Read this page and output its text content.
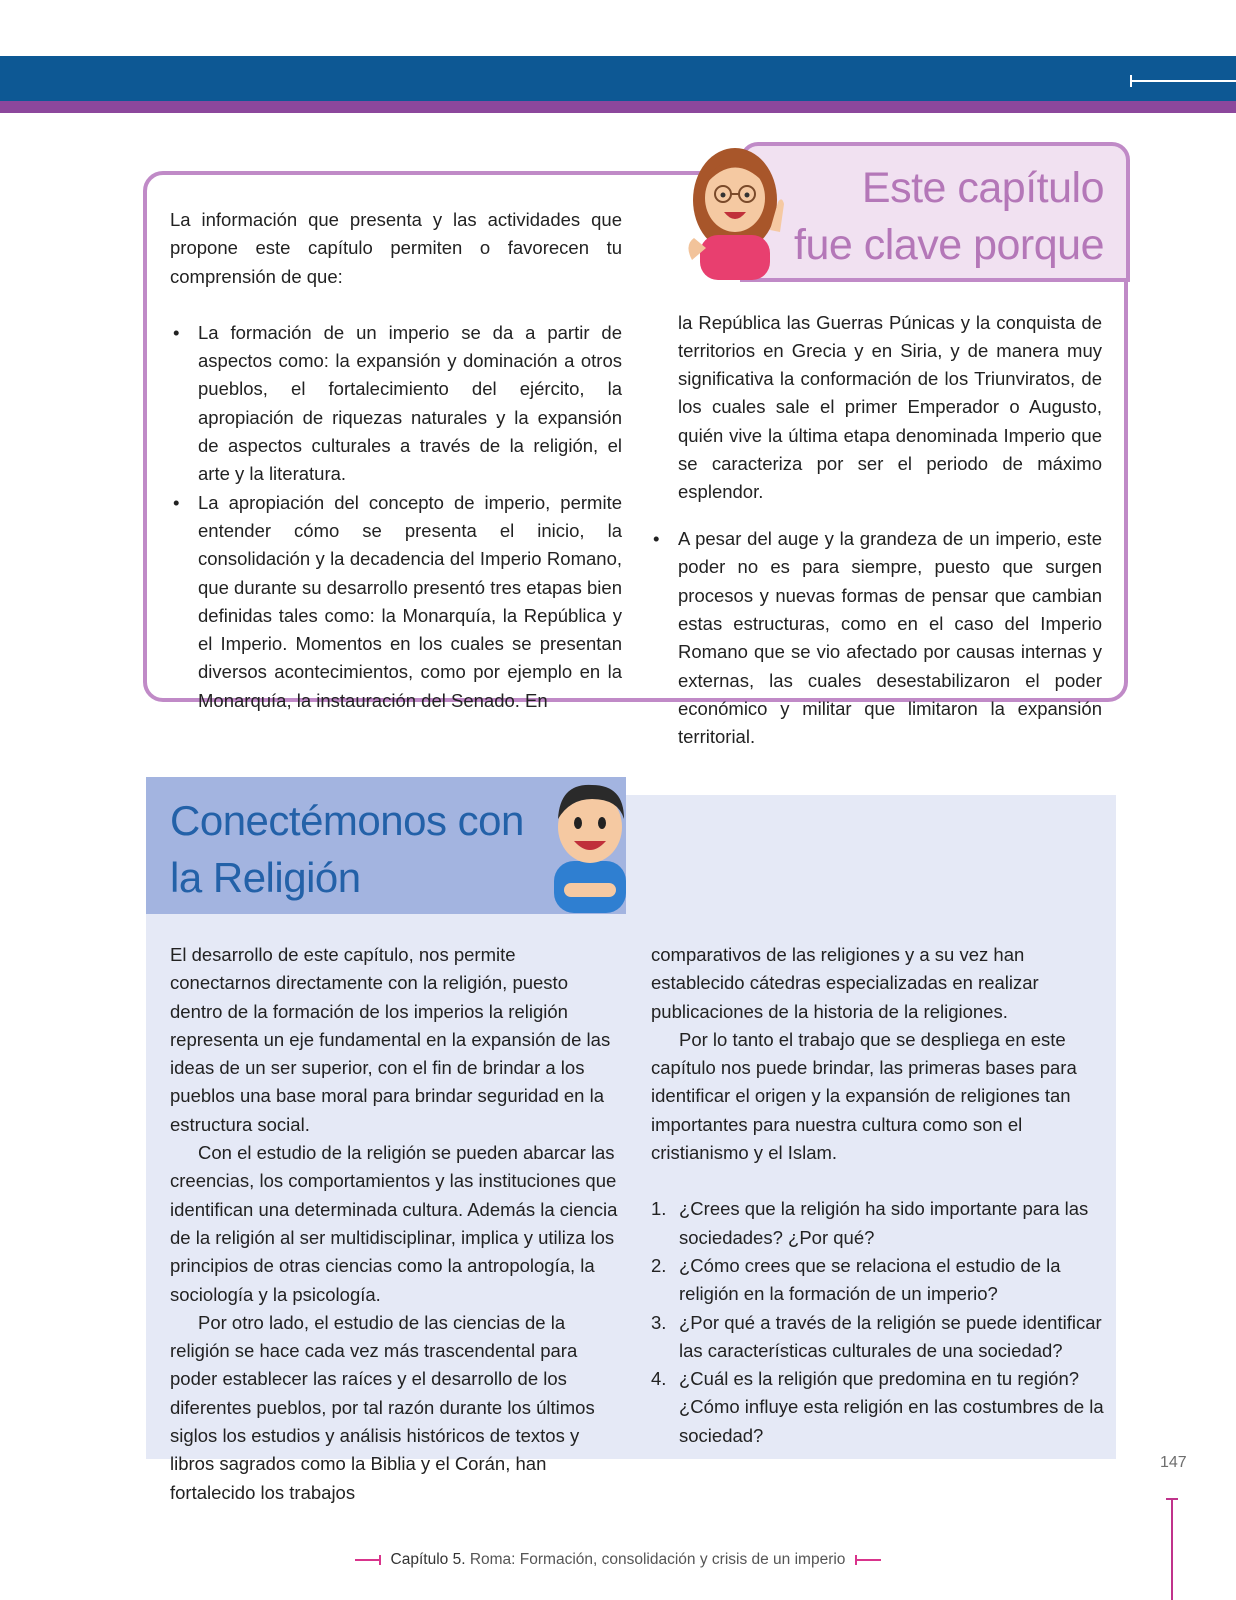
Este capítulo
fue clave porque

La información que presenta y las actividades que propone este capítulo permiten o favorecen tu comprensión de que:

• La formación de un imperio se da a partir de aspectos como: la expansión y dominación a otros pueblos, el fortalecimiento del ejército, la apropiación de riquezas naturales y la expansión de aspectos culturales a través de la religión, el arte y la literatura.
• La apropiación del concepto de imperio, permite entender cómo se presenta el inicio, la consolidación y la decadencia del Imperio Romano, que durante su desarrollo presentó tres etapas bien definidas tales como: la Monarquía, la República y el Imperio. Momentos en los cuales se presentan diversos acontecimientos, como por ejemplo en la Monarquía, la instauración del Senado. En

la República las Guerras Púnicas y la conquista de territorios en Grecia y en Siria, y de manera muy significativa la conformación de los Triunviratos, de los cuales sale el primer Emperador o Augusto, quién vive la última etapa denominada Imperio que se caracteriza por ser el periodo de máximo esplendor.

• A pesar del auge y la grandeza de un imperio, este poder no es para siempre, puesto que surgen procesos y nuevas formas de pensar que cambian estas estructuras, como en el caso del Imperio Romano que se vio afectado por causas internas y externas, las cuales desestabilizaron el poder económico y militar que limitaron la expansión territorial.
Conectémonos con
la Religión

El desarrollo de este capítulo, nos permite conectarnos directamente con la religión, puesto dentro de la formación de los imperios la religión representa un eje fundamental en la expansión de las ideas de un ser superior, con el fin de brindar a los pueblos una base moral para brindar seguridad en la estructura social.

Con el estudio de la religión se pueden abarcar las creencias, los comportamientos y las instituciones que identifican una determinada cultura. Además la ciencia de la religión al ser multidisciplinar, implica y utiliza los principios de otras ciencias como la antropología, la sociología y la psicología.

Por otro lado, el estudio de las ciencias de la religión se hace cada vez más trascendental para poder establecer las raíces y el desarrollo de los diferentes pueblos, por tal razón durante los últimos siglos los estudios y análisis históricos de textos y libros sagrados como la Biblia y el Corán, han fortalecido los trabajos

comparativos de las religiones y a su vez han establecido cátedras especializadas en realizar publicaciones de la historia de la religiones.

Por lo tanto el trabajo que se despliega en este capítulo nos puede brindar, las primeras bases para identificar el origen y la expansión de religiones tan importantes para nuestra cultura como son el cristianismo y el Islam.

1. ¿Crees que la religión ha sido importante para las sociedades? ¿Por qué?
2. ¿Cómo crees que se relaciona el estudio de la religión en la formación de un imperio?
3. ¿Por qué a través de la religión se puede identificar las características culturales de una sociedad?
4. ¿Cuál es la religión que predomina en tu región? ¿Cómo influye esta religión en las costumbres de la sociedad?
147
Capítulo 5. Roma: Formación, consolidación y crisis de un imperio
